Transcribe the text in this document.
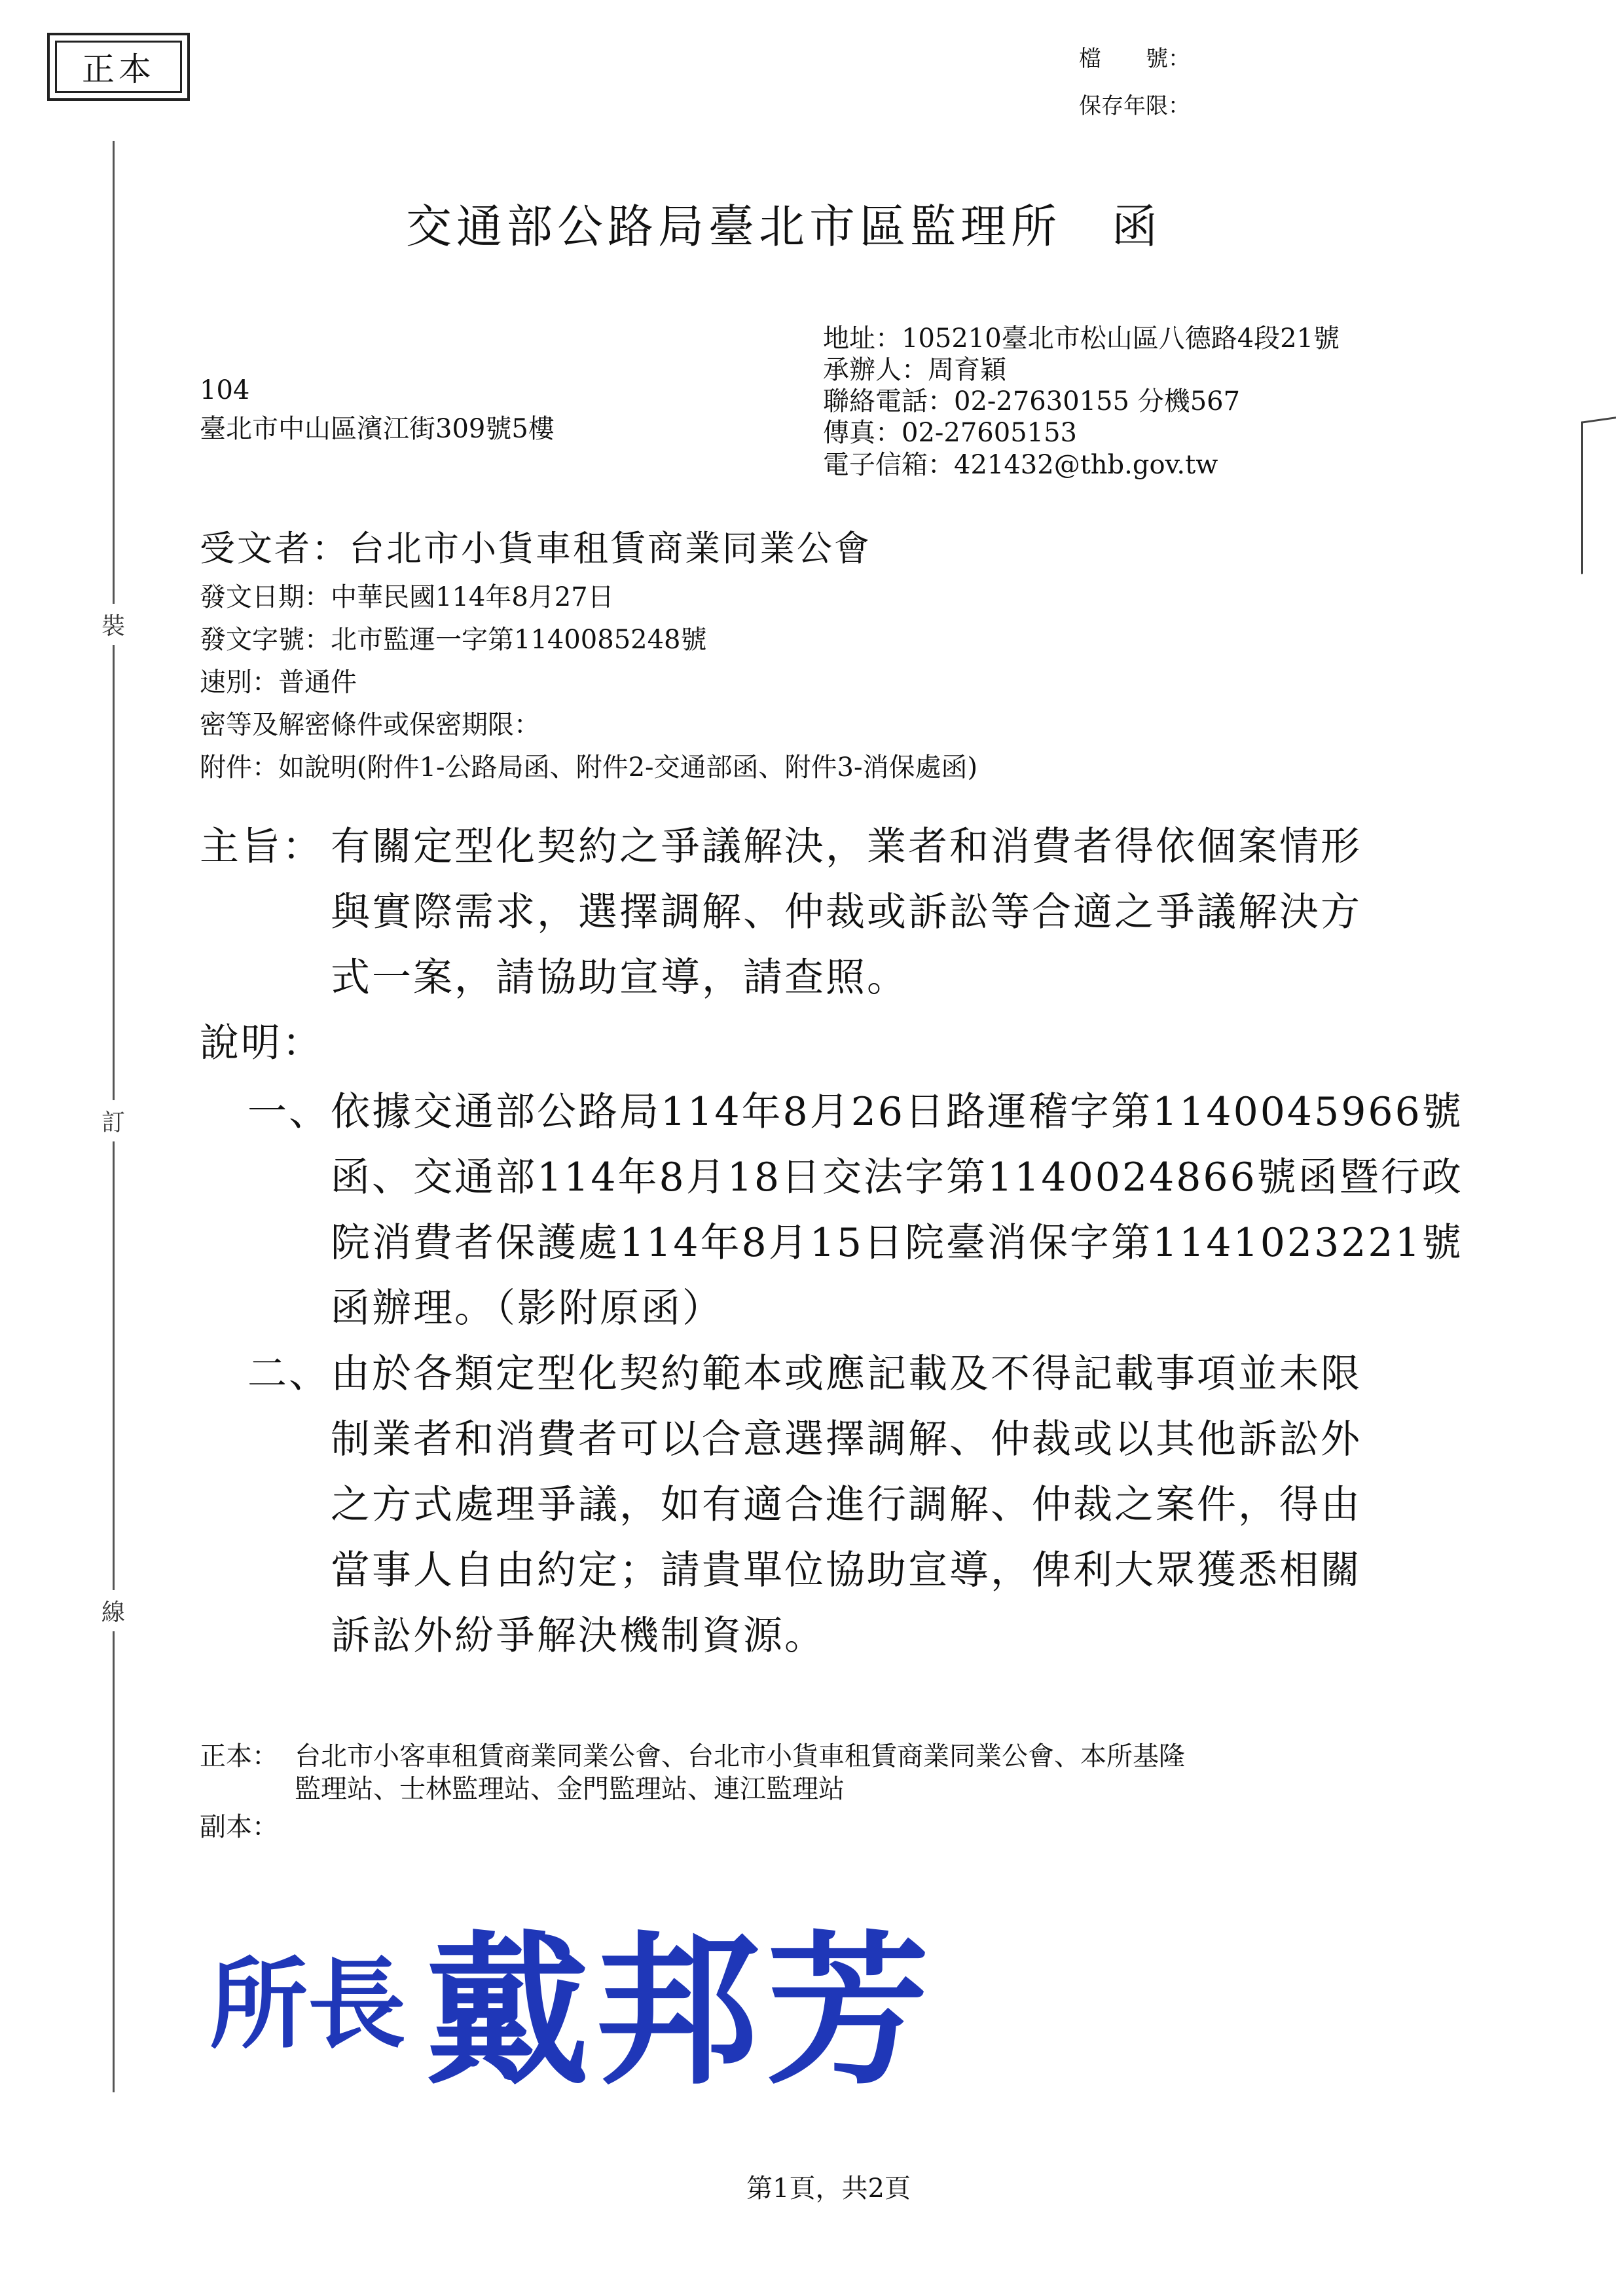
正本	檔　　號：
保存年限：
裝
訂
線
交通部公路局臺北市區監理所　函
地址：105210臺北市松山區八德路4段21號
承辦人：周育穎
聯絡電話：02-27630155 分機567
傳真：02-27605153
電子信箱：421432@thb.gov.tw
104
臺北市中山區濱江街309號5樓
受文者：台北市小貨車租賃商業同業公會
發文日期：中華民國114年8月27日
發文字號：北市監運一字第1140085248號
速別：普通件
密等及解密條件或保密期限：
附件：如說明(附件1-公路局函、附件2-交通部函、附件3-消保處函)
主旨： 有關定型化契約之爭議解決，業者和消費者得依個案情形
與實際需求，選擇調解、仲裁或訴訟等合適之爭議解決方
式一案，請協助宣導，請查照。
說明：
一、 依據交通部公路局114年8月26日路運稽字第1140045966號
函、交通部114年8月18日交法字第1140024866號函暨行政
院消費者保護處114年8月15日院臺消保字第1141023221號
函辦理。（影附原函）
二、 由於各類定型化契約範本或應記載及不得記載事項並未限
制業者和消費者可以合意選擇調解、仲裁或以其他訴訟外
之方式處理爭議，如有適合進行調解、仲裁之案件，得由
當事人自由約定；請貴單位協助宣導，俾利大眾獲悉相關
訴訟外紛爭解決機制資源。
正本： 台北市小客車租賃商業同業公會、台北市小貨車租賃商業同業公會、本所基隆
監理站、士林監理站、金門監理站、連江監理站
副本：
所長 戴邦芳
第1頁，共2頁
